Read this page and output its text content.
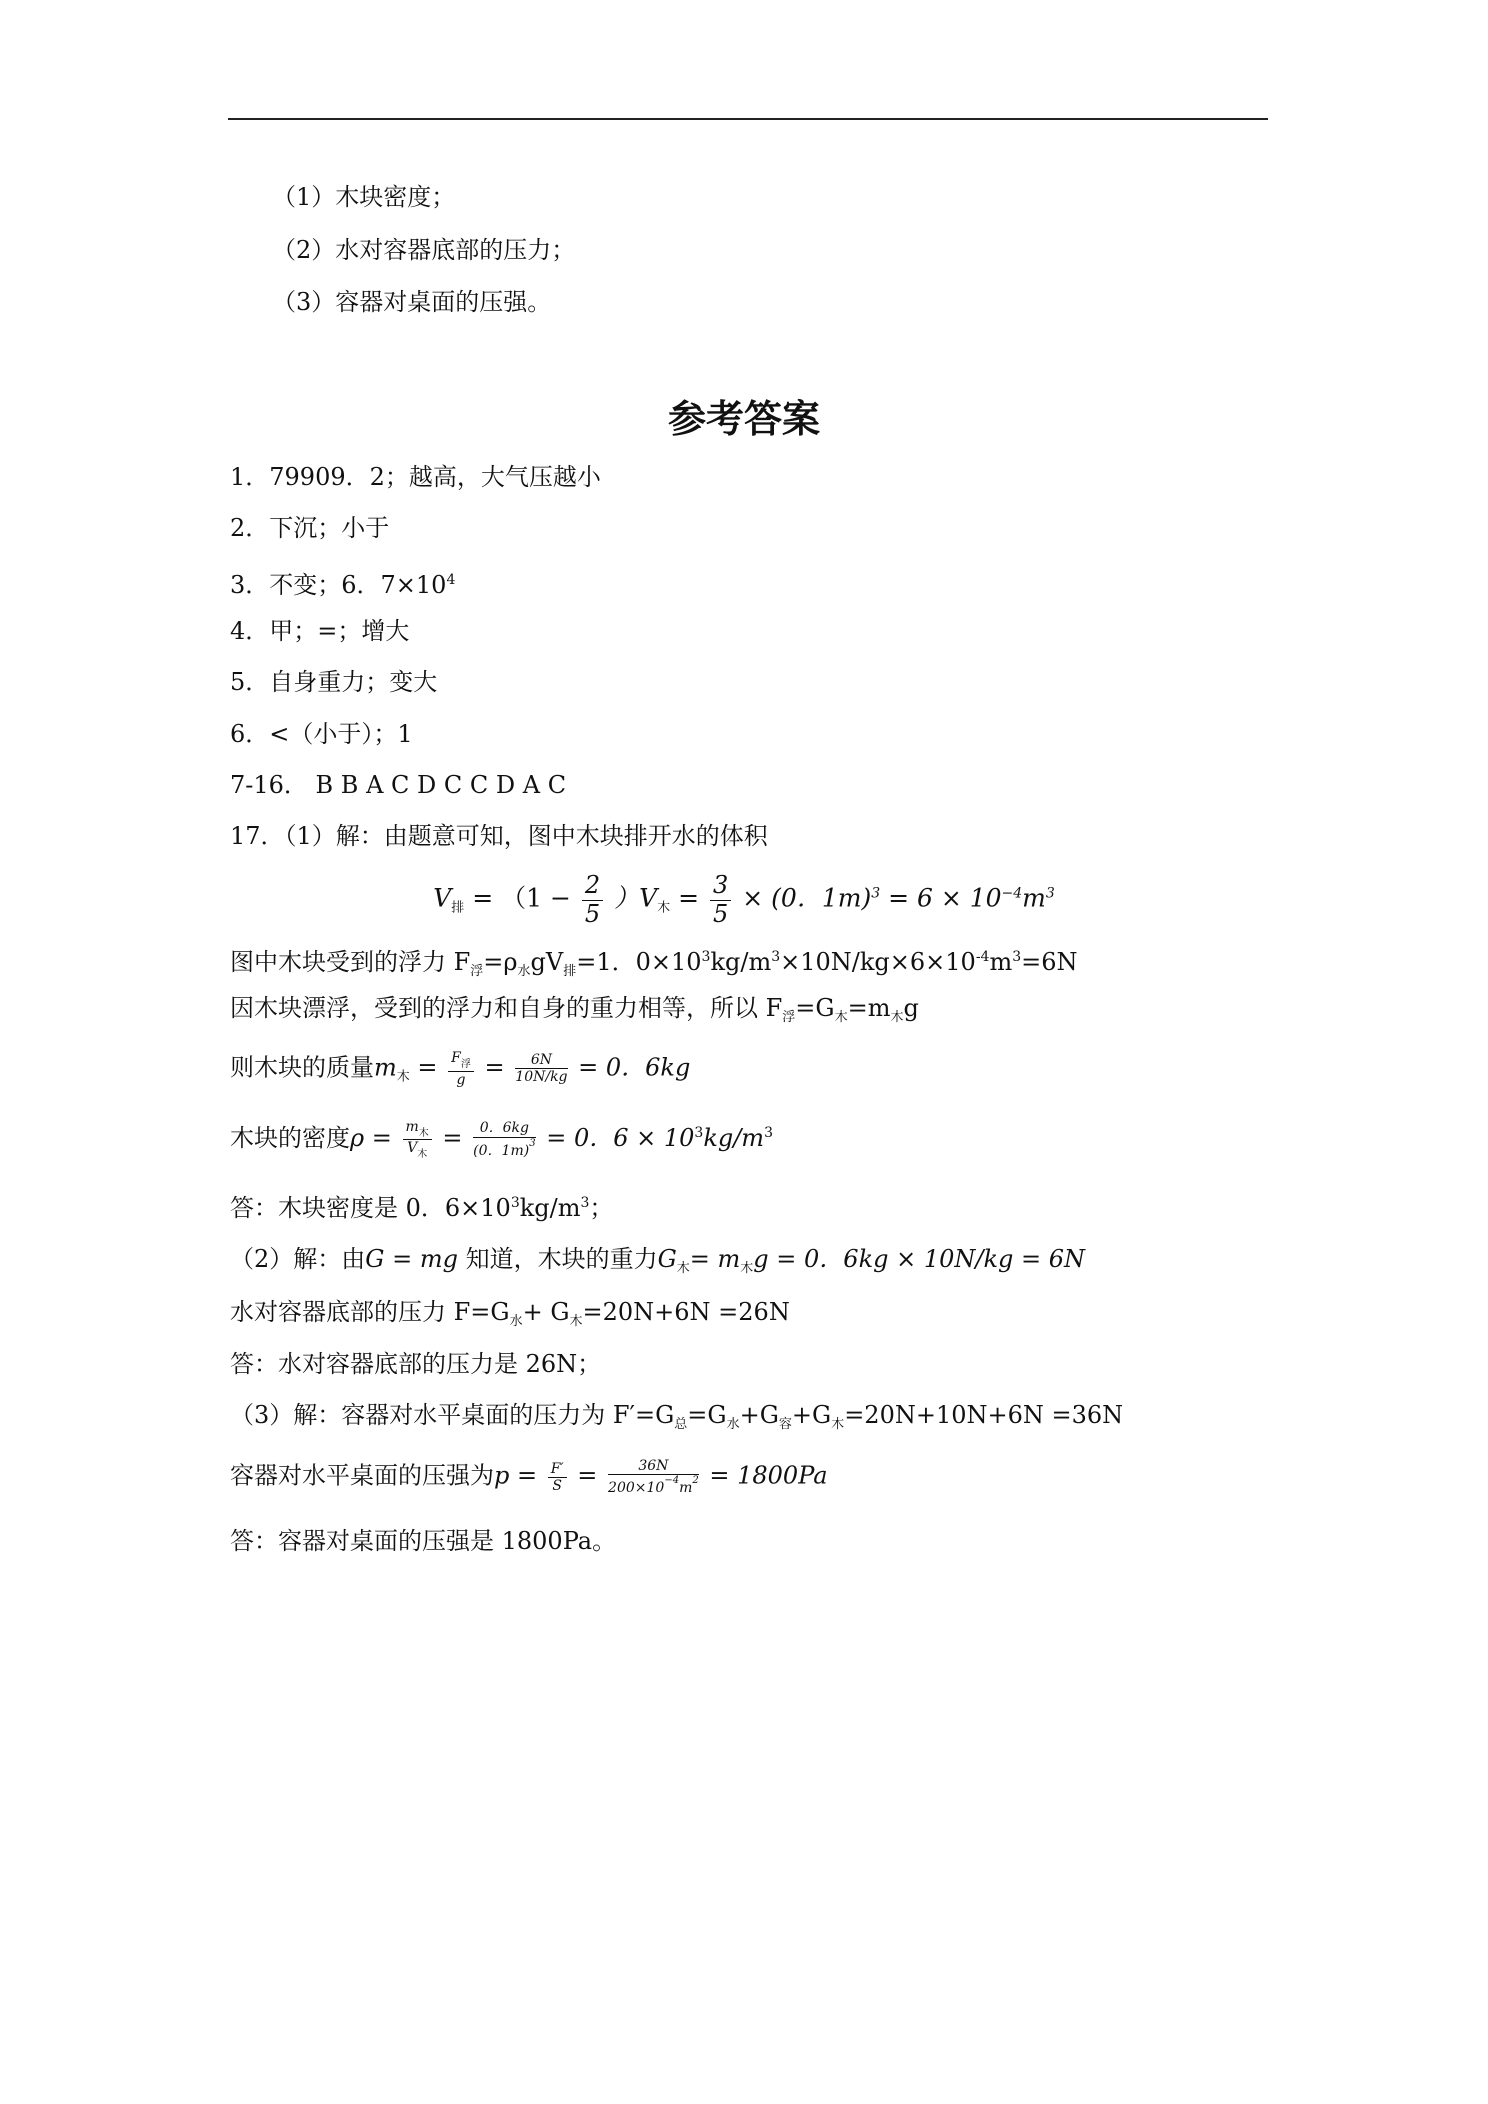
（1）木块密度；
（2）水对容器底部的压力；
（3）容器对桌面的压强。
参考答案
1．79909．2；越高，大气压越小
2．下沉；小于
3．不变；6．$7\times 10^4$
4．甲；=；增大
5．自身重力；变大
6．<（小于）；1
7-16． B B A C D C C D A C
17．（1）解：由题意可知，图中木块排开水的体积
$V_排 = (1 - \frac{2}{5} )V_木 = \frac{3}{5} \times (0$．$1m)^3 = 6 \times 10^{-4}m^3$
图中木块受到的浮力 $F_浮=\rho_水gV_排=1$．$0\times 10^3kg/m^3\times 10N/kg\times 6\times 10^{-4}m^3=6N$
因木块漂浮，受到的浮力和自身的重力相等，所以 $F_浮=G_木=m_木g$
则木块的质量$m_木 = \frac{F_浮}{g} = \frac{6N}{10N/kg} = 0$．6kg
木块的密度$\rho = \frac{m_木}{V_木} = \frac{0.6kg}{(0.1m)^3} = 0$．$6 \times 10^3kg/m^3$
答：木块密度是 0．$6\times 10^3kg/m^3$；
（2）解：由G = mg 知道，木块的重力$G_木= m_木g = 0$．6kg × 10N/kg = 6N
水对容器底部的压力 $F=G_水+ G_木=20N+6N =26N$
答：水对容器底部的压力是 26N；
（3）解：容器对水平桌面的压力为 $F'=G_总=G_水+G_容+G_木=20N+10N+6N =36N$
容器对水平桌面的压强为$p = \frac{F'}{S} = \frac{36N}{200\times 10^{-4}m^2} = 1800Pa$
答：容器对桌面的压强是 1800Pa。
